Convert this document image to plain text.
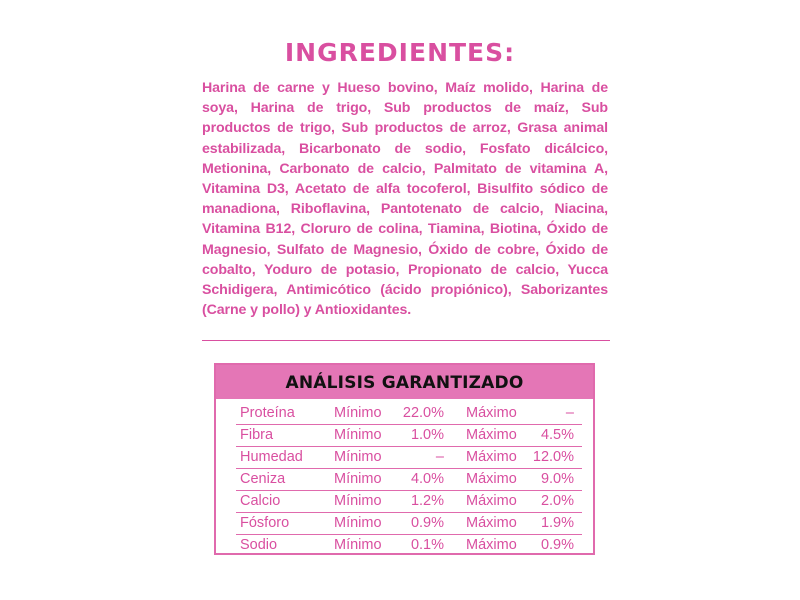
INGREDIENTES:
Harina de carne y Hueso bovino, Maíz molido, Harina de soya, Harina de trigo, Sub productos de maíz, Sub productos de trigo, Sub productos de arroz, Grasa animal estabilizada, Bicarbonato de sodio, Fosfato dicálcico, Metionina, Carbonato de calcio, Palmitato de vitamina A, Vitamina D3, Acetato de alfa tocoferol, Bisulfito sódico de manadiona, Riboflavina, Pantotenato de calcio, Niacina, Vitamina B12, Cloruro de colina, Tiamina, Biotina, Óxido de Magnesio, Sulfato de Magnesio, Óxido de cobre, Óxido de cobalto, Yoduro de potasio, Propionato de calcio, Yucca Schidigera, Antimicótico (ácido propiónico), Saborizantes (Carne y pollo) y Antioxidantes.
ANÁLISIS GARANTIZADO
Proteína	Mínimo	22.0% Máximo	–
Fibra	Mínimo	1.0% Máximo	4.5%
Humedad Mínimo	– Máximo	12.0%
Ceniza	Mínimo	4.0% Máximo	9.0%
Calcio	Mínimo	1.2% Máximo	2.0%
Fósforo	Mínimo	0.9% Máximo	1.9%
Sodio	Mínimo	0.1% Máximo	0.9%
